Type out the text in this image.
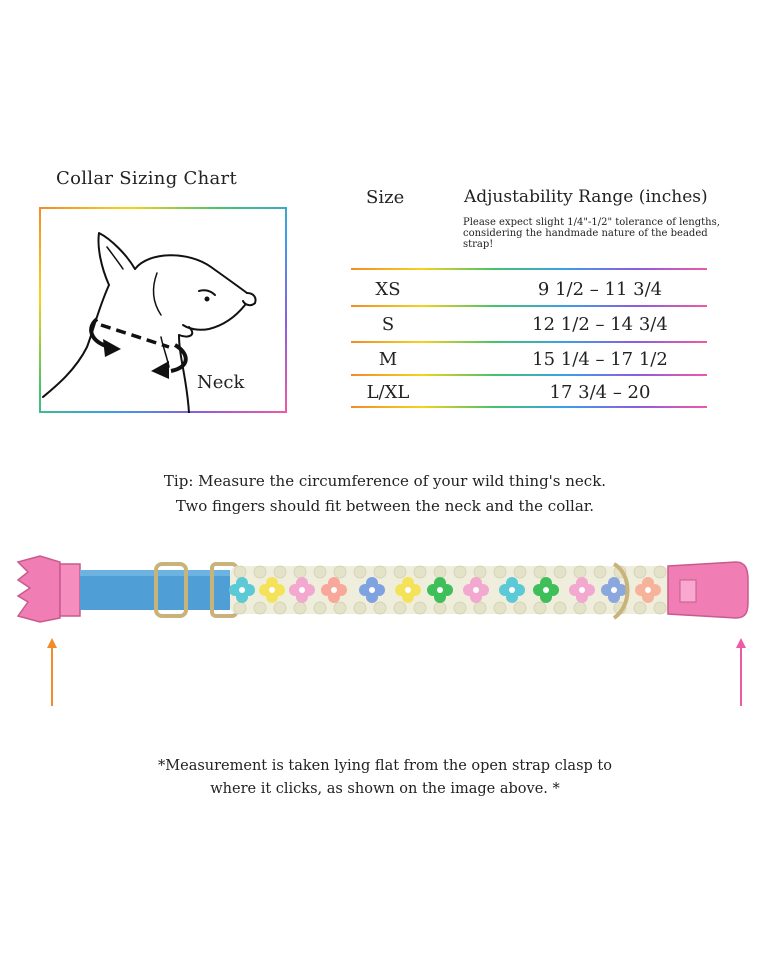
Collar Sizing Chart
Neck
Size	Adjustability Range (inches)
Please expect slight 1/4"-1/2" tolerance of lengths, considering the handmade nature of the beaded strap!
XS	9 1/2 – 11 3/4
S	12 1/2 – 14 3/4
M	15 1/4 – 17 1/2
L/XL	17 3/4 – 20
Tip: Measure the circumference of your wild thing's neck.
Two fingers should fit between the neck and the collar.
*Measurement is taken lying flat from the open strap clasp to
where it clicks, as shown on the image above. *
